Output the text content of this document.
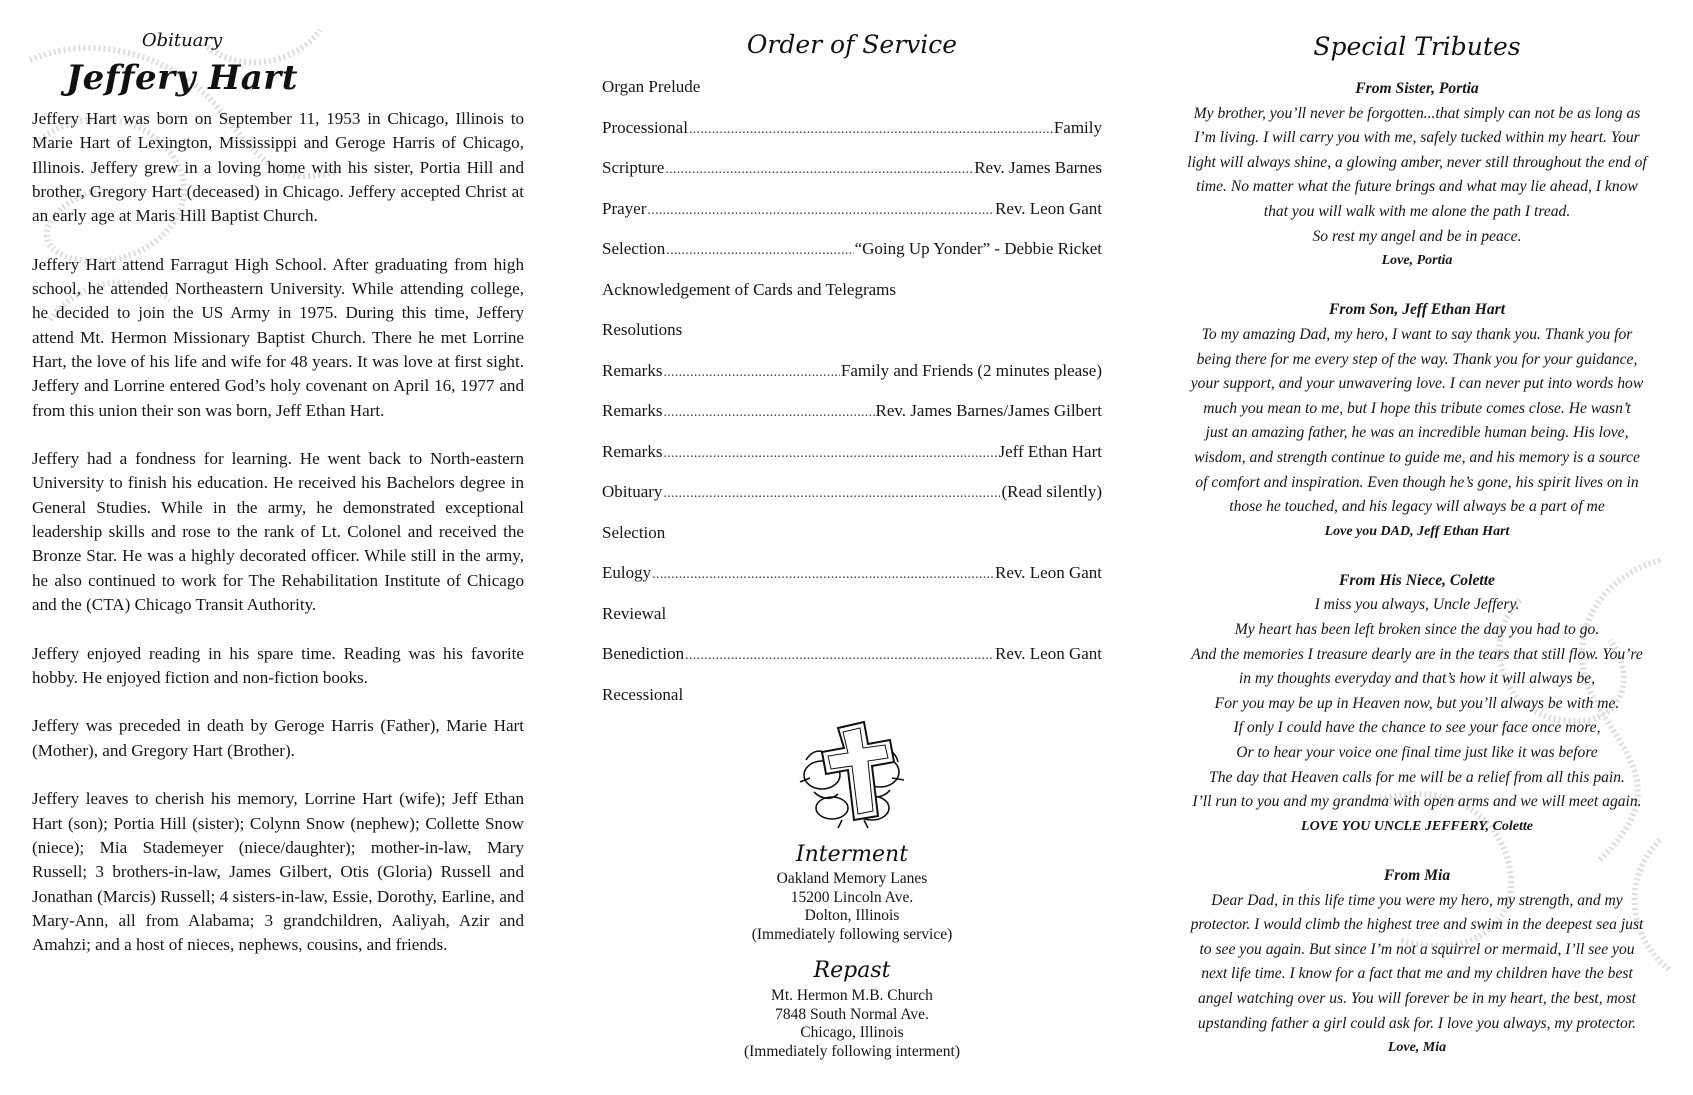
Obituary
Jeffery Hart

Jeffery Hart was born on September 11, 1953 in Chicago, Illinois to Marie Hart of Lexington, Mississippi and Geroge Harris of Chicago, Illinois. Jeffery grew in a loving home with his sister, Portia Hill and brother, Gregory Hart (deceased) in Chicago. Jeffery accepted Christ at an early age at Maris Hill Baptist Church.

Jeffery Hart attend Farragut High School. After graduating from high school, he attended Northeastern University. While attending college, he decided to join the US Army in 1975. During this time, Jeffery attend Mt. Hermon Missionary Baptist Church. There he met Lorrine Hart, the love of his life and wife for 48 years. It was love at first sight. Jeffery and Lorrine entered God’s holy covenant on April 16, 1977 and from this union their son was born, Jeff Ethan Hart.

Jeffery had a fondness for learning. He went back to North-eastern University to finish his education. He received his Bachelors degree in General Studies. While in the army, he demonstrated exceptional leadership skills and rose to the rank of Lt. Colonel and received the Bronze Star. He was a highly decorated officer. While still in the army, he also continued to work for The Rehabilitation Institute of Chicago and the (CTA) Chicago Transit Authority.

Jeffery enjoyed reading in his spare time. Reading was his favorite hobby. He enjoyed fiction and non-fiction books.

Jeffery was preceded in death by Geroge Harris (Father), Marie Hart (Mother), and Gregory Hart (Brother).

Jeffery leaves to cherish his memory, Lorrine Hart (wife); Jeff Ethan Hart (son); Portia Hill (sister); Colynn Snow (nephew); Collette Snow (niece); Mia Stademeyer (niece/daughter); mother-in-law, Mary Russell; 3 brothers-in-law, James Gilbert, Otis (Gloria) Russell and Jonathan (Marcis) Russell; 4 sisters-in-law, Essie, Dorothy, Earline, and Mary-Ann, all from Alabama; 3 grandchildren, Aaliyah, Azir and Amahzi; and a host of nieces, nephews, cousins, and friends.

Order of Service
Organ Prelude
Processional .....	Family
Scripture .....	Rev. James Barnes
Prayer .....	Rev. Leon Gant
Selection .....	“Going Up Yonder” - Debbie Ricket
Acknowledgement of Cards and Telegrams
Resolutions
Remarks .....	Family and Friends (2 minutes please)
Remarks .....	Rev. James Barnes/James Gilbert
Remarks .....	Jeff Ethan Hart
Obituary .....	(Read silently)
Selection
Eulogy .....	Rev. Leon Gant
Reviewal
Benediction .....	Rev. Leon Gant
Recessional
Interment
Oakland Memory Lanes
15200 Lincoln Ave.
Dolton, Illinois
(Immediately following service)
Repast
Mt. Hermon M.B. Church
7848 South Normal Ave.
Chicago, Illinois
(Immediately following interment)
Special Tributes
From Sister, Portia
My brother, you’ll never be forgotten...that simply can not be as long as
I’m living. I will carry you with me, safely tucked within my heart. Your
light will always shine, a glowing amber, never still throughout the end of
time. No matter what the future brings and what may lie ahead, I know
that you will walk with me alone the path I tread.
So rest my angel and be in peace.
Love, Portia
From Son, Jeff Ethan Hart
To my amazing Dad, my hero, I want to say thank you. Thank you for
being there for me every step of the way. Thank you for your guidance,
your support, and your unwavering love. I can never put into words how
much you mean to me, but I hope this tribute comes close. He wasn’t
just an amazing father, he was an incredible human being. His love,
wisdom, and strength continue to guide me, and his memory is a source
of comfort and inspiration. Even though he’s gone, his spirit lives on in
those he touched, and his legacy will always be a part of me
Love you DAD, Jeff Ethan Hart
From His Niece, Colette
I miss you always, Uncle Jeffery.
My heart has been left broken since the day you had to go.
And the memories I treasure dearly are in the tears that still flow. You’re
in my thoughts everyday and that’s how it will always be,
For you may be up in Heaven now, but you’ll always be with me.
If only I could have the chance to see your face once more,
Or to hear your voice one final time just like it was before
The day that Heaven calls for me will be a relief from all this pain.
I’ll run to you and my grandma with open arms and we will meet again.
LOVE YOU UNCLE JEFFERY, Colette
From Mia
Dear Dad, in this life time you were my hero, my strength, and my
protector. I would climb the highest tree and swim in the deepest sea just
to see you again. But since I’m not a squirrel or mermaid, I’ll see you
next life time. I know for a fact that me and my children have the best
angel watching over us. You will forever be in my heart, the best, most
upstanding father a girl could ask for. I love you always, my protector.
Love, Mia
